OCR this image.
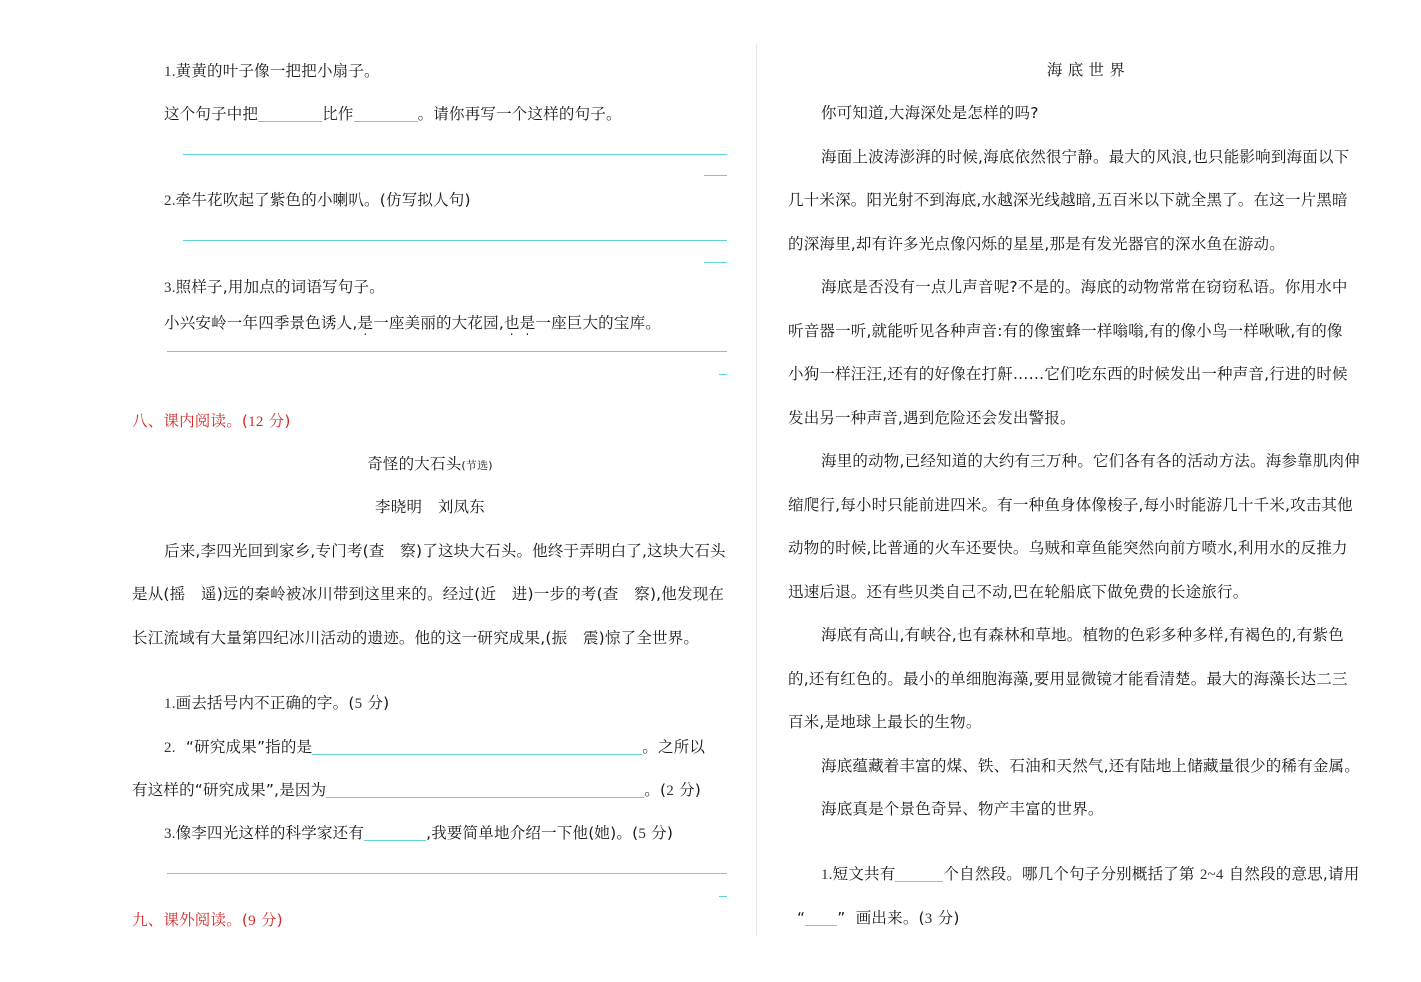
1.黄黄的叶子像一把把小扇子。
这个句子中把	比作	。请你再写一个这样的句子。
2.牵牛花吹起了紫色的小喇叭。(仿写拟人句)
3.照样子,用加点的词语写句子。
小兴安岭一年四季景色诱人,是一座美丽的大花园,也是一座巨大的宝库。
八、课内阅读。(12 分)
奇怪的大石头(节选)
李晓明　刘凤东
后来,李四光回到家乡,专门考(查　察)了这块大石头。他终于弄明白了,这块大石头
是从(摇　遥)远的秦岭被冰川带到这里来的。经过(近　进)一步的考(查　察),他发现在
长江流域有大量第四纪冰川活动的遗迹。他的这一研究成果,(振　震)惊了全世界。
1.画去括号内不正确的字。(5 分)
2. “研究成果”指的是	。之所以
有这样的“研究成果”,是因为	。(2 分)
3.像李四光这样的科学家还有	,我要简单地介绍一下他(她)。(5 分)
九、课外阅读。(9 分)
海 底 世 界
你可知道,大海深处是怎样的吗?
海面上波涛澎湃的时候,海底依然很宁静。最大的风浪,也只能影响到海面以下
几十米深。阳光射不到海底,水越深光线越暗,五百米以下就全黑了。在这一片黑暗
的深海里,却有许多光点像闪烁的星星,那是有发光器官的深水鱼在游动。
海底是否没有一点儿声音呢?不是的。海底的动物常常在窃窃私语。你用水中
听音器一听,就能听见各种声音:有的像蜜蜂一样嗡嗡,有的像小鸟一样啾啾,有的像
小狗一样汪汪,还有的好像在打鼾……它们吃东西的时候发出一种声音,行进的时候
发出另一种声音,遇到危险还会发出警报。
海里的动物,已经知道的大约有三万种。它们各有各的活动方法。海参靠肌肉伸
缩爬行,每小时只能前进四米。有一种鱼身体像梭子,每小时能游几十千米,攻击其他
动物的时候,比普通的火车还要快。乌贼和章鱼能突然向前方喷水,利用水的反推力
迅速后退。还有些贝类自己不动,巴在轮船底下做免费的长途旅行。
海底有高山,有峡谷,也有森林和草地。植物的色彩多种多样,有褐色的,有紫色
的,还有红色的。最小的单细胞海藻,要用显微镜才能看清楚。最大的海藻长达二三
百米,是地球上最长的生物。
海底蕴藏着丰富的煤、铁、石油和天然气,还有陆地上储藏量很少的稀有金属。
海底真是个景色奇异、物产丰富的世界。
1.短文共有	个自然段。哪几个句子分别概括了第 2~4 自然段的意思,请用
“ ” 画出来。(3 分)
